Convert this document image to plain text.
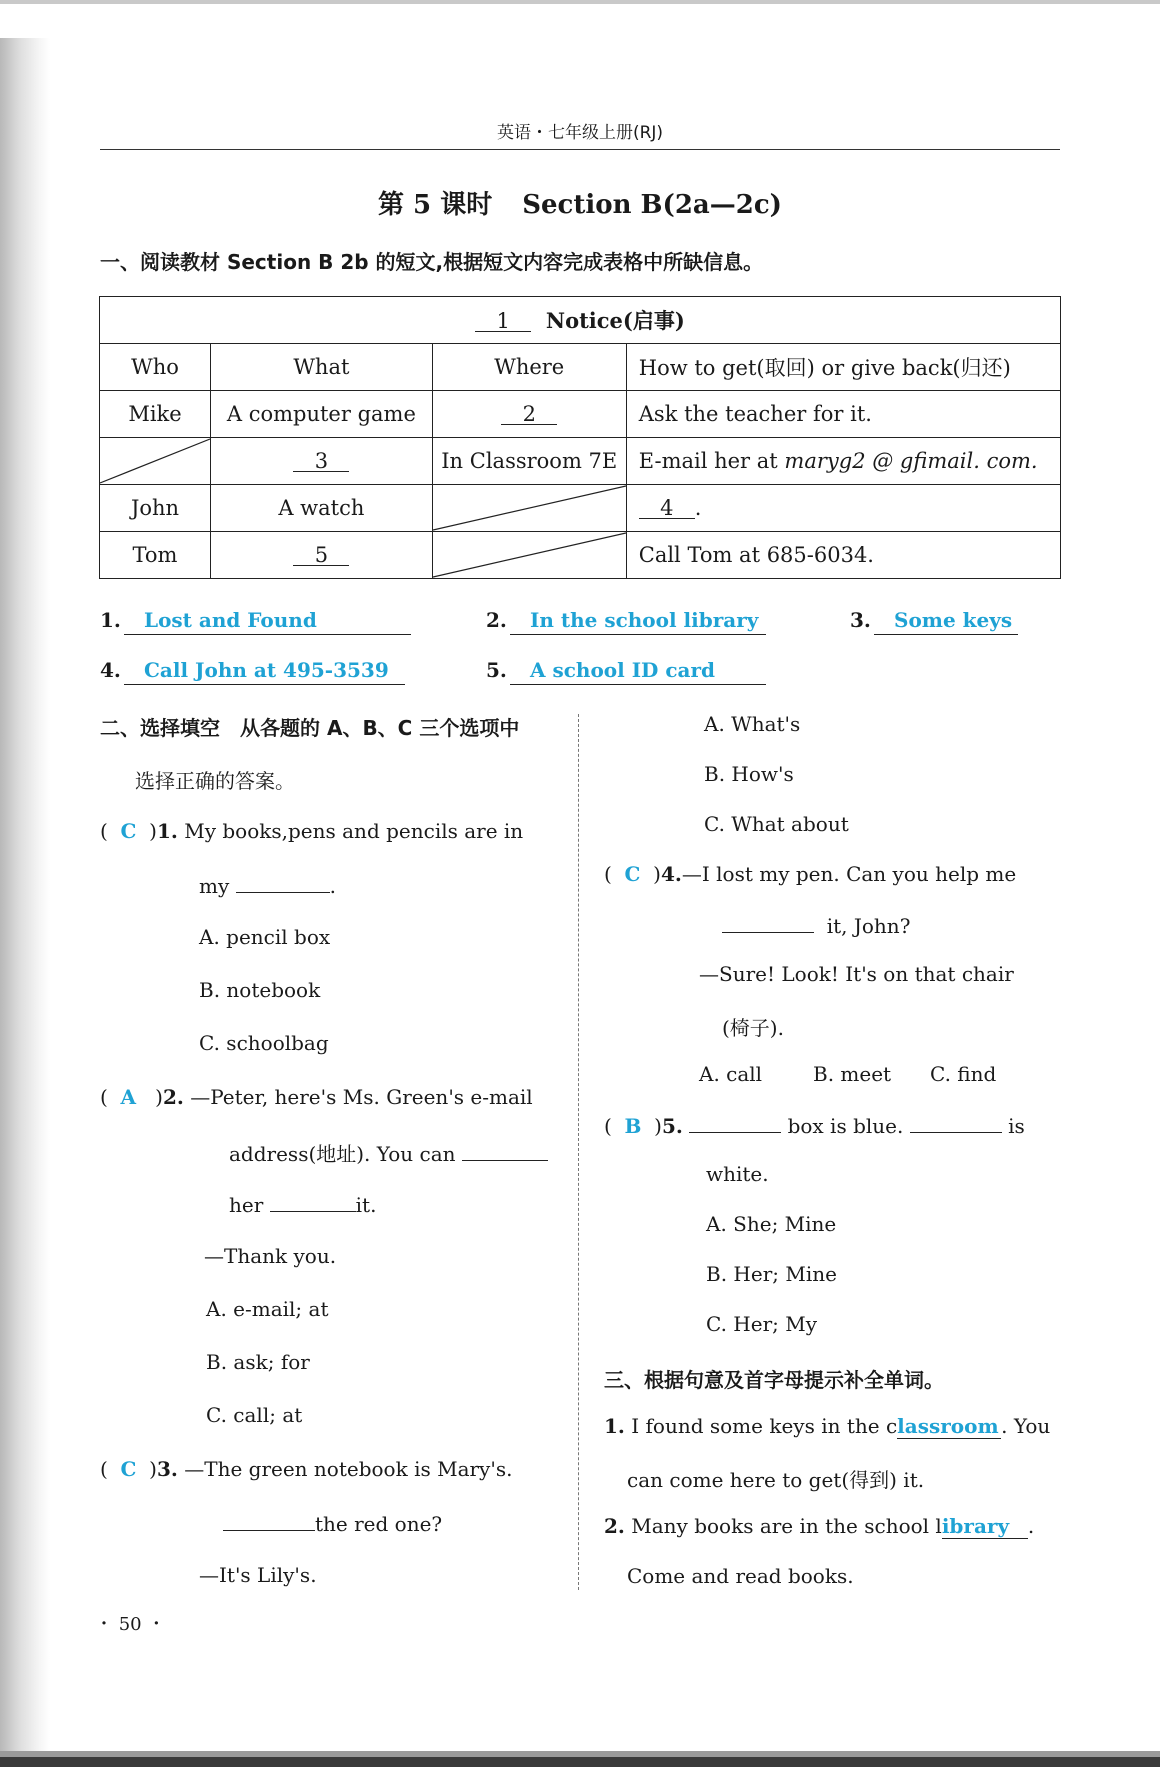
英语・七年级上册(RJ)
第 5 课时 Section B(2a—2c)
一、阅读教材 Section B 2b 的短文,根据短文内容完成表格中所缺信息。
1 Notice(启事)			
Who	What	Where	How to get(取回) or give back(归还)
Mike	A computer game	2	Ask the teacher for it.

	3	In Classroom 7E	E-mail her at maryg2 @ gfimail. com.
John	A watch		4 .
Tom	5		Call Tom at 685-6034.
1.	Lost and Found	2.	In the school library	3.	Some keys
4.	Call John at 495-3539	5.	A school ID card
二、选择填空　从各题的 A、B、C 三个选项中
选择正确的答案。
(  C  )1. My books,pens and pencils are in
my	.
A. pencil box
B. notebook
C. schoolbag
(  A   )2. —Peter, here's Ms. Green's e-mail
address(地址). You can
her	it.
—Thank you.
A. e-mail; at
B. ask; for
C. call; at
(  C  )3. —The green notebook is Mary's.
the red one?
—It's Lily's.
A. What's
B. How's
C. What about
(  C  )4.—I lost my pen. Can you help me
it, John?
—Sure! Look! It's on that chair
(椅子).
A. call	B. meet C. find
(  B  )5.	box is blue.	is
white.
A. She; Mine
B. Her; Mine
C. Her; My
三、根据句意及首字母提示补全单词。
1. I found some keys in the classroom . You
can come here to get(得到) it.
2. Many books are in the school library .
Come and read books.
・ 50 ・
